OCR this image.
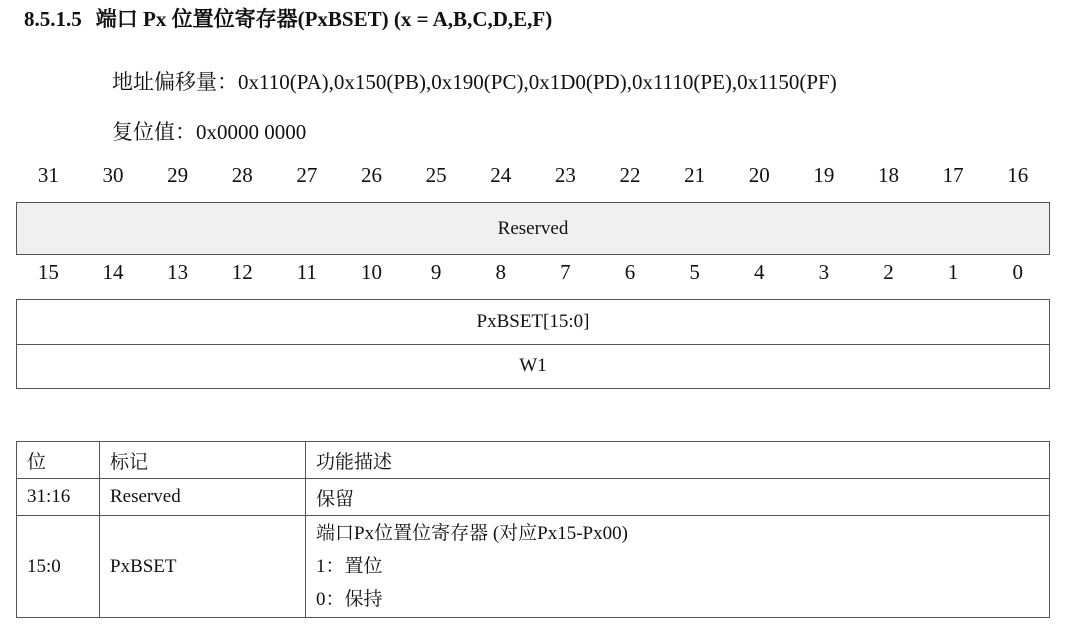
8.5.1.5 端口 Px 位置位寄存器(PxBSET) (x = A,B,C,D,E,F)
地址偏移量：0x110(PA),0x150(PB),0x190(PC),0x1D0(PD),0x1110(PE),0x1150(PF)
复位值：0x0000 0000
31	30	29	28	27	26	25	24	23	22	21	20	19	18	17	16
Reserved
15	14	13	12	11	10	9	8	7	6	5	4	3	2	1	0
PxBSET[15:0]
W1
位	标记	功能描述
31:16	Reserved	保留
15:0	PxBSET	端口Px位置位寄存器 (对应Px15-Px00)
1：置位
0：保持
